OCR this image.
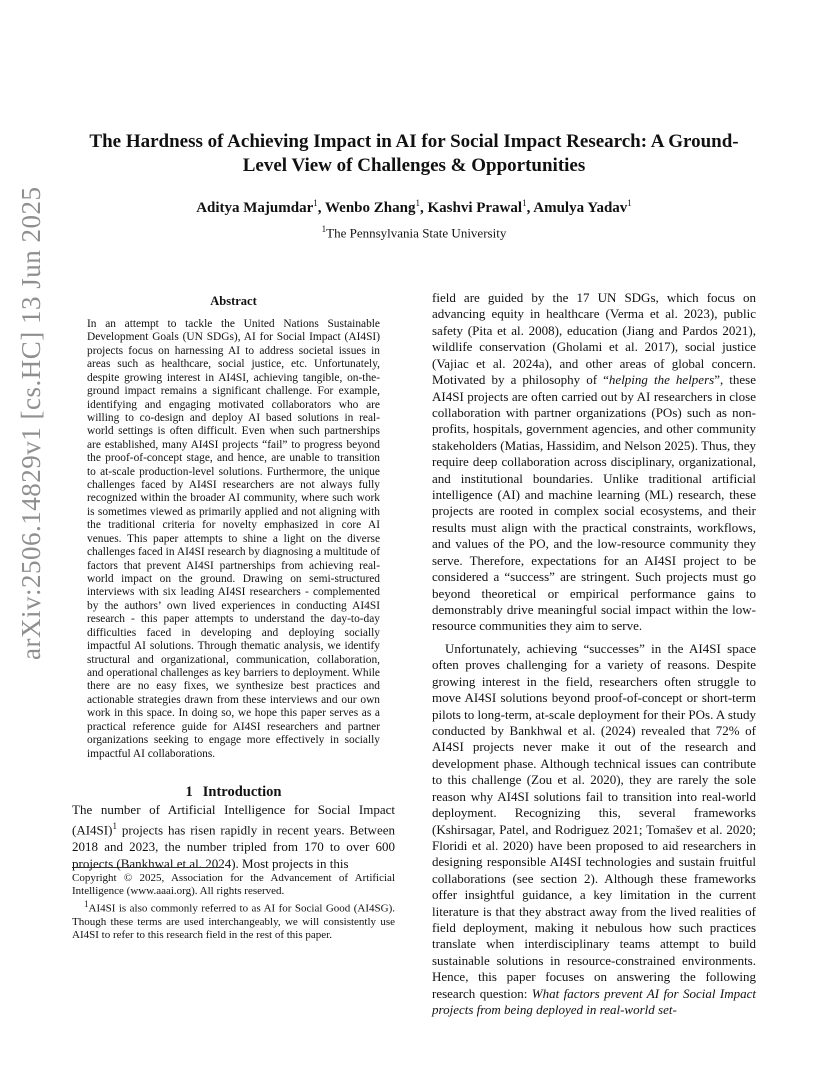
arXiv:2506.14829v1 [cs.HC] 13 Jun 2025
The Hardness of Achieving Impact in AI for Social Impact Research: A Ground-Level View of Challenges & Opportunities
Aditya Majumdar$^1$, Wenbo Zhang$^1$, Kashvi Prawal$^1$, Amulya Yadav$^1$
$^1$The Pennsylvania State University
Abstract
In an attempt to tackle the United Nations Sustainable Development Goals (UN SDGs), AI for Social Impact (AI4SI) projects focus on harnessing AI to address societal issues in areas such as healthcare, social justice, etc. Unfortunately, despite growing interest in AI4SI, achieving tangible, on-the-ground impact remains a significant challenge. For example, identifying and engaging motivated collaborators who are willing to co-design and deploy AI based solutions in real-world settings is often difficult. Even when such partnerships are established, many AI4SI projects “fail” to progress beyond the proof-of-concept stage, and hence, are unable to transition to at-scale production-level solutions. Furthermore, the unique challenges faced by AI4SI researchers are not always fully recognized within the broader AI community, where such work is sometimes viewed as primarily applied and not aligning with the traditional criteria for novelty emphasized in core AI venues. This paper attempts to shine a light on the diverse challenges faced in AI4SI research by diagnosing a multitude of factors that prevent AI4SI partnerships from achieving real-world impact on the ground. Drawing on semi-structured interviews with six leading AI4SI researchers - complemented by the authors’ own lived experiences in conducting AI4SI research - this paper attempts to understand the day-to-day difficulties faced in developing and deploying socially impactful AI solutions. Through thematic analysis, we identify structural and organizational, communication, collaboration, and operational challenges as key barriers to deployment. While there are no easy fixes, we synthesize best practices and actionable strategies drawn from these interviews and our own work in this space. In doing so, we hope this paper serves as a practical reference guide for AI4SI researchers and partner organizations seeking to engage more effectively in socially impactful AI collaborations.
1 Introduction
The number of Artificial Intelligence for Social Impact $(AI4SI)^1$ projects has risen rapidly in recent years. Between 2018 and 2023, the number tripled from 170 to over 600 projects (Bankhwal et al. 2024). Most projects in this

Copyright © 2025, Association for the Advancement of Artificial Intelligence (www.aaai.org). All rights reserved.

$^1$AI4SI is also commonly referred to as AI for Social Good (AI4SG). Though these terms are used interchangeably, we will consistently use AI4SI to refer to this research field in the rest of this paper.

field are guided by the 17 UN SDGs, which focus on advancing equity in healthcare (Verma et al. 2023), public safety (Pita et al. 2008), education (Jiang and Pardos 2021), wildlife conservation (Gholami et al. 2017), social justice (Vajiac et al. 2024a), and other areas of global concern. Motivated by a philosophy of “helping the helpers”, these AI4SI projects are often carried out by AI researchers in close collaboration with partner organizations (POs) such as non-profits, hospitals, government agencies, and other community stakeholders (Matias, Hassidim, and Nelson 2025). Thus, they require deep collaboration across disciplinary, organizational, and institutional boundaries. Unlike traditional artificial intelligence (AI) and machine learning (ML) research, these projects are rooted in complex social ecosystems, and their results must align with the practical constraints, workflows, and values of the PO, and the low-resource community they serve. Therefore, expectations for an AI4SI project to be considered a “success” are stringent. Such projects must go beyond theoretical or empirical performance gains to demonstrably drive meaningful social impact within the low-resource communities they aim to serve.

Unfortunately, achieving “successes” in the AI4SI space often proves challenging for a variety of reasons. Despite growing interest in the field, researchers often struggle to move AI4SI solutions beyond proof-of-concept or short-term pilots to long-term, at-scale deployment for their POs. A study conducted by Bankhwal et al. (2024) revealed that 72% of AI4SI projects never make it out of the research and development phase. Although technical issues can contribute to this challenge (Zou et al. 2020), they are rarely the sole reason why AI4SI solutions fail to transition into real-world deployment. Recognizing this, several frameworks (Kshirsagar, Patel, and Rodriguez 2021; Tomašev et al. 2020; Floridi et al. 2020) have been proposed to aid researchers in designing responsible AI4SI technologies and sustain fruitful collaborations (see section 2). Although these frameworks offer insightful guidance, a key limitation in the current literature is that they abstract away from the lived realities of field deployment, making it nebulous how such practices translate when interdisciplinary teams attempt to build sustainable solutions in resource-constrained environments. Hence, this paper focuses on answering the following research question: What factors prevent AI for Social Impact projects from being deployed in real-world set-
